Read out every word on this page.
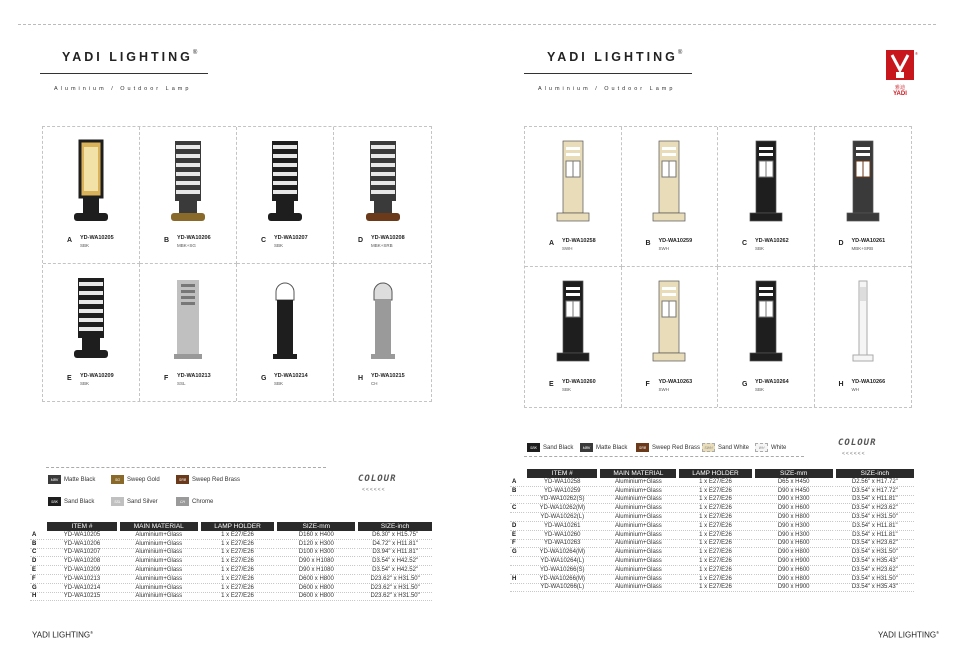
YADI LIGHTING®
Aluminium / Outdoor Lamp
A YD-WA10205
SBK
B YD-WA10206
MBK+SG
C YD-WA10207
SBK
D YD-WA10208
MBK+SRB
E YD-WA10209
SBK
F YD-WA10213
SSL
G YD-WA10214
SBK
H YD-WA10215
CH
MBK Matte Black	SG	Sweep Gold	SRB Sweep Red Brass
SBK	Sand Black	SSL	Sand Silver	CH	Chrome
COLOUR
<<<<<<
	ITEM #	MAIN MATERIAL	LAMP HOLDER	SIZE-mm	SIZE-inch
A	YD-WA10205	Aluminium+Glass	1 x E27/E26	D160 x H400	D6.30" x H15.75"
B	YD-WA10206	Aluminium+Glass	1 x E27/E26	D120 x H300	D4.72" x H11.81"
C	YD-WA10207	Aluminium+Glass	1 x E27/E26	D100 x H300	D3.94" x H11.81"
D	YD-WA10208	Aluminium+Glass	1 x E27/E26	D90 x H1080	D3.54" x H42.52"
E	YD-WA10209	Aluminium+Glass	1 x E27/E26	D90 x H1080	D3.54" x H42.52"
F	YD-WA10213	Aluminium+Glass	1 x E27/E26	D600 x H800	D23.62" x H31.50"
G	YD-WA10214	Aluminium+Glass	1 x E27/E26	D600 x H800	D23.62" x H31.50"
H	YD-WA10215	Aluminium+Glass	1 x E27/E26	D600 x H800	D23.62" x H31.50"
YADI LIGHTING®
YADI LIGHTING®
Aluminium / Outdoor Lamp	雅迪
YADI
®
A YD-WA10258
SWH
B YD-WA10259
SWH
C YD-WA10262
SBK
D YD-WA10261
MBK+SRB
E YD-WA10260
SBK
F YD-WA10263
SWH
G YD-WA10264
SBK
H YD-WA10266
WH
SBK	Sand Black	MBK Matte Black	SRB Sweep Red Brass	SWH Sand White	WH	White	COLOUR
<<<<<<
	ITEM #	MAIN MATERIAL	LAMP HOLDER	SIZE-mm	SIZE-inch
A	YD-WA10258	Aluminium+Glass	1 x E27/E26	D65 x H450	D2.56" x H17.72"
B	YD-WA10259	Aluminium+Glass	1 x E27/E26	D90 x H450	D3.54" x H17.72"
	YD-WA10262(S)	Aluminium+Glass	1 x E27/E26	D90 x H300	D3.54" x H11.81"
C	YD-WA10262(M)	Aluminium+Glass	1 x E27/E26	D90 x H600	D3.54" x H23.62"
	YD-WA10262(L)	Aluminium+Glass	1 x E27/E26	D90 x H800	D3.54" x H31.50"
D	YD-WA10261	Aluminium+Glass	1 x E27/E26	D90 x H300	D3.54" x H11.81"
E	YD-WA10260	Aluminium+Glass	1 x E27/E26	D90 x H300	D3.54" x H11.81"
F	YD-WA10263	Aluminium+Glass	1 x E27/E26	D90 x H600	D3.54" x H23.62"
G	YD-WA10264(M)	Aluminium+Glass	1 x E27/E26	D90 x H800	D3.54" x H31.50"
	YD-WA10264(L)	Aluminium+Glass	1 x E27/E26	D90 x H900	D3.54" x H35.43"
	YD-WA10266(S)	Aluminium+Glass	1 x E27/E26	D90 x H600	D3.54" x H23.62"
H	YD-WA10266(M)	Aluminium+Glass	1 x E27/E26	D90 x H800	D3.54" x H31.50"
	YD-WA10266(L)	Aluminium+Glass	1 x E27/E26	D90 x H900	D3.54" x H35.43"
YADI LIGHTING®
